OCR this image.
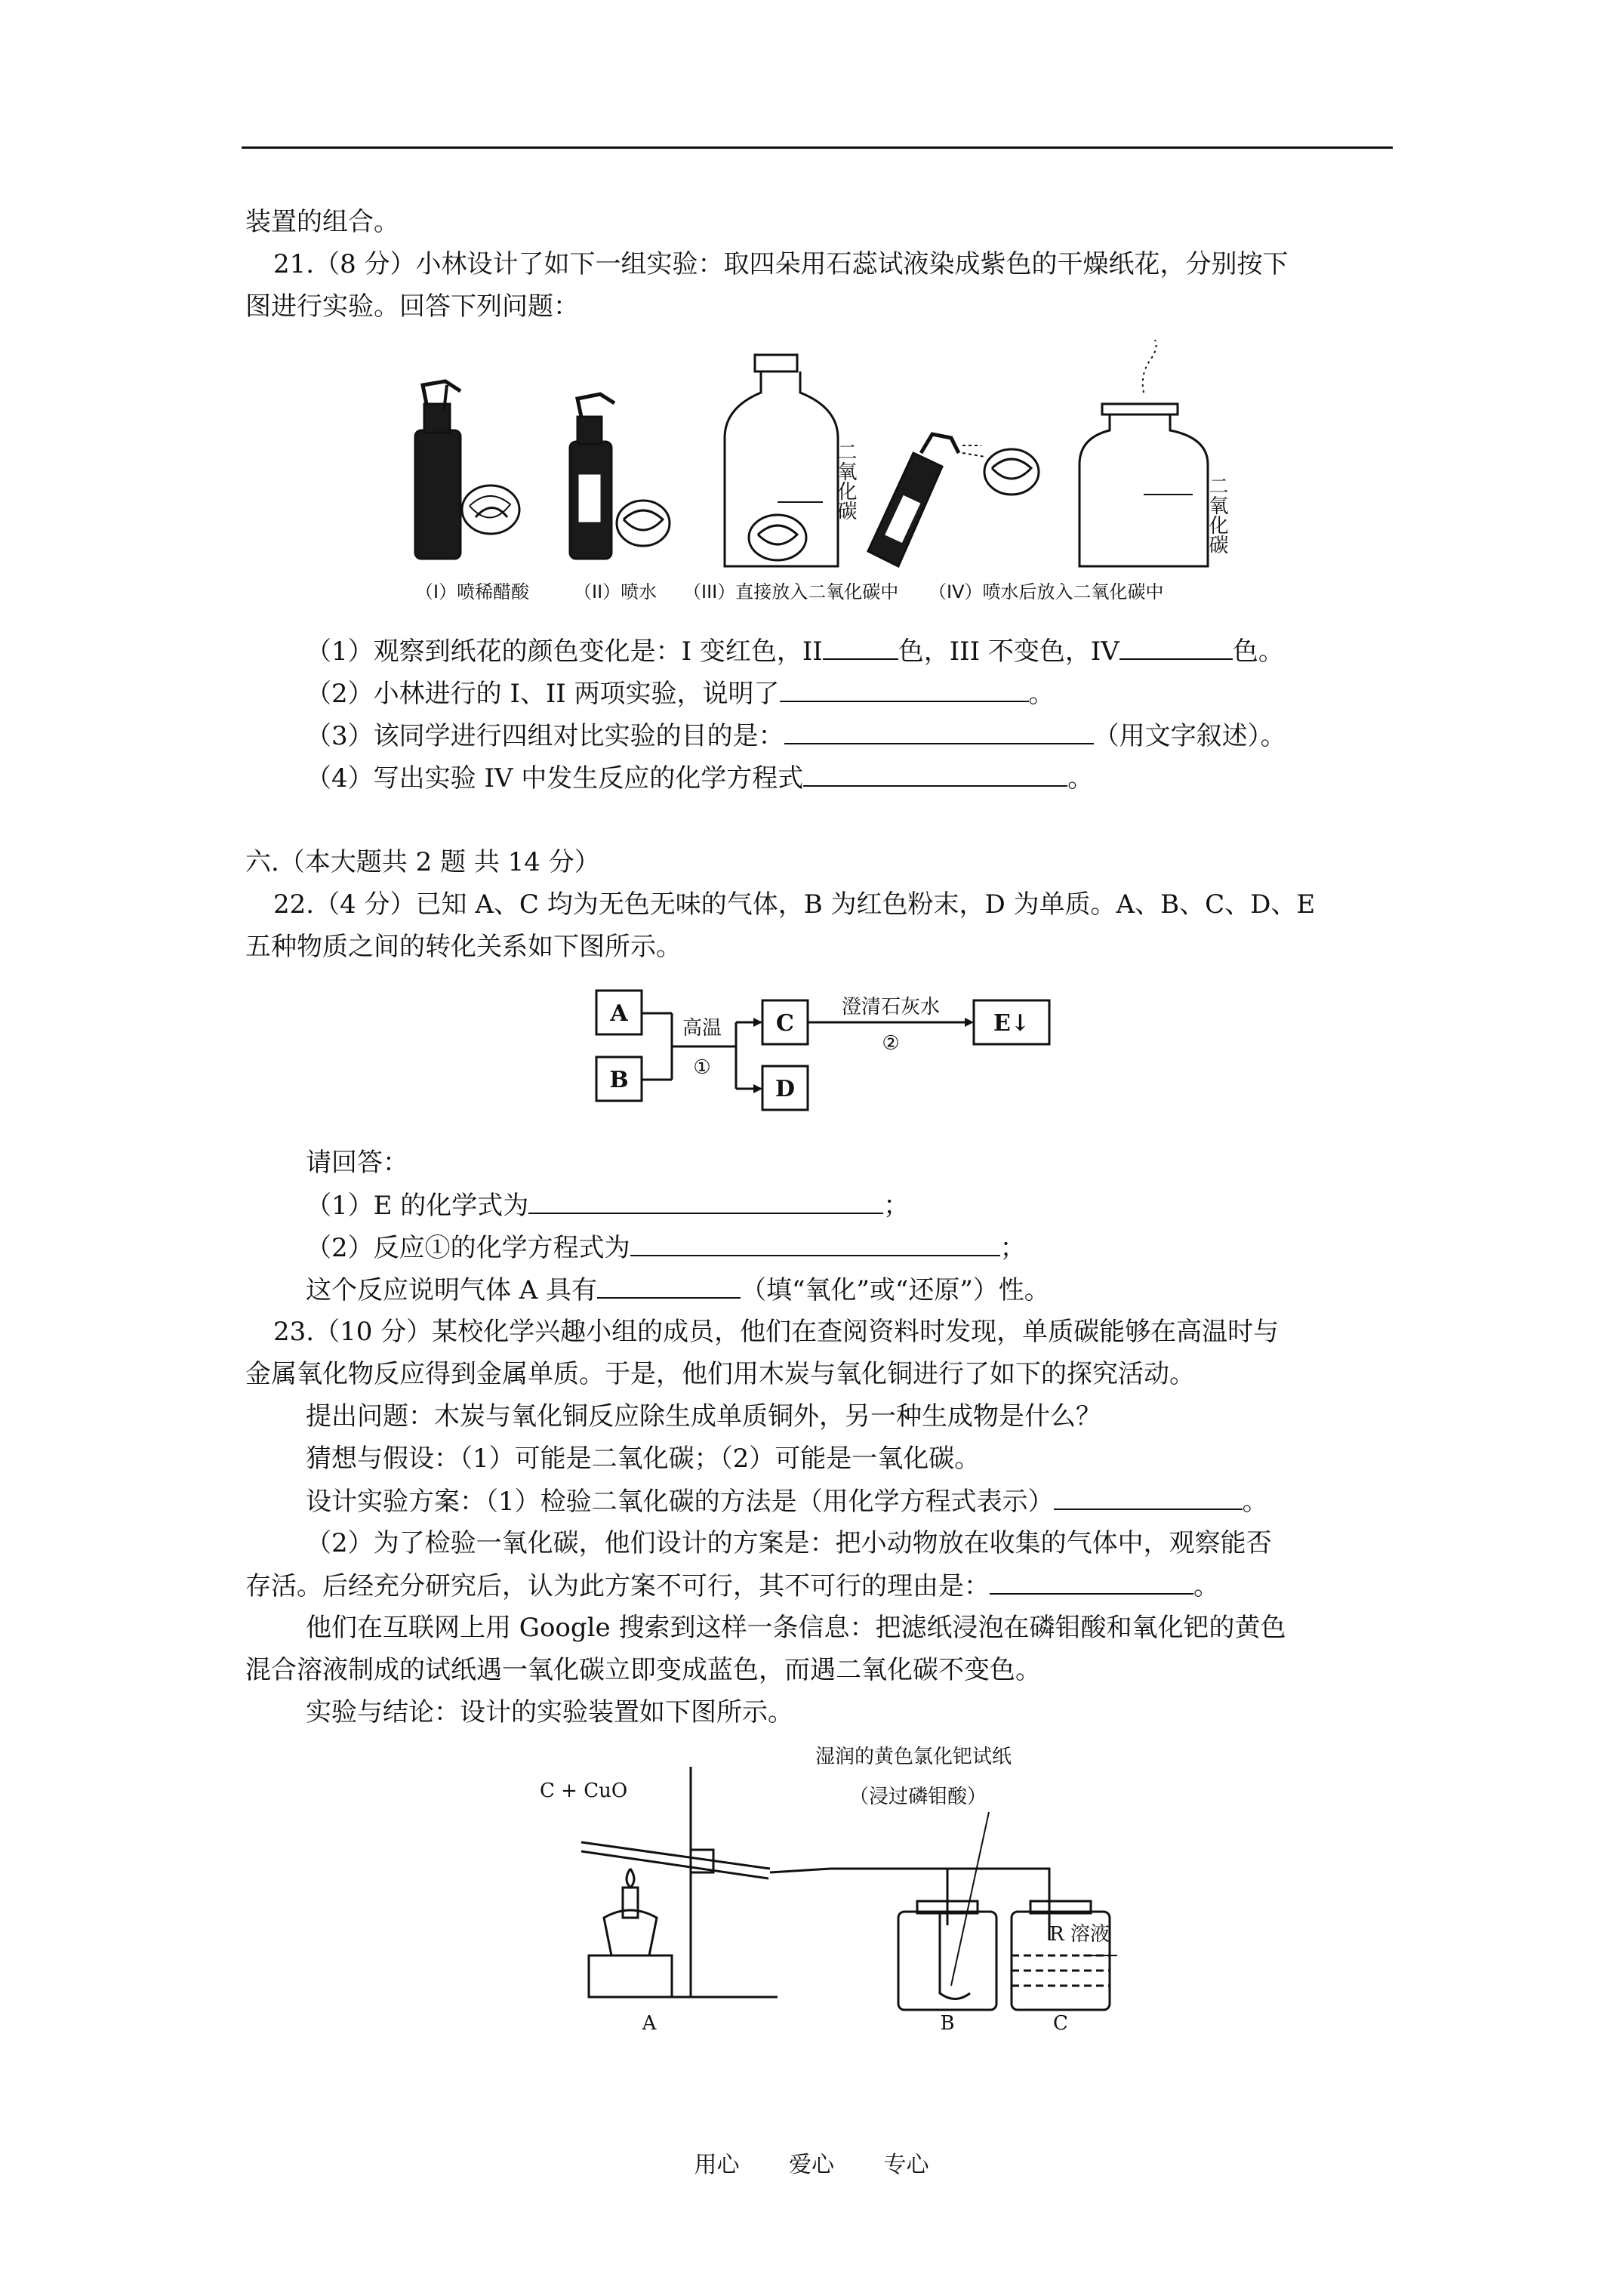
装置的组合。
21.（8 分）小林设计了如下一组实验：取四朵用石蕊试液染成紫色的干燥纸花，分别按下
图进行实验。回答下列问题：
二氧化碳	二氧化碳
（I）喷稀醋酸 （II）喷水 （III）直接放入二氧化碳中 （IV）喷水后放入二氧化碳中
（1）观察到纸花的颜色变化是：I 变红色，II	色，III 不变色，IV	色。
（2）小林进行的 I、II 两项实验，说明了	。
（3）该同学进行四组对比实验的目的是：	（用文字叙述）。
（4）写出实验 IV 中发生反应的化学方程式	。
六.（本大题共 2 题 共 14 分）
22.（4 分）已知 A、C 均为无色无味的气体，B 为红色粉末，D 为单质。A、B、C、D、E
五种物质之间的转化关系如下图所示。
A
B
C
D
E↓
高温
①
澄清石灰水
②
请回答：
（1）E 的化学式为	；
（2）反应①的化学方程式为	；
这个反应说明气体 A 具有	（填“氧化”或“还原”）性。
23.（10 分）某校化学兴趣小组的成员，他们在查阅资料时发现，单质碳能够在高温时与
金属氧化物反应得到金属单质。于是，他们用木炭与氧化铜进行了如下的探究活动。
提出问题：木炭与氧化铜反应除生成单质铜外，另一种生成物是什么？
猜想与假设：（1）可能是二氧化碳；（2）可能是一氧化碳。
设计实验方案：（1）检验二氧化碳的方法是（用化学方程式表示）	。
（2）为了检验一氧化碳，他们设计的方案是：把小动物放在收集的气体中，观察能否
存活。后经充分研究后，认为此方案不可行，其不可行的理由是：	。
他们在互联网上用 Google 搜索到这样一条信息：把滤纸浸泡在磷钼酸和氧化钯的黄色
混合溶液制成的试纸遇一氧化碳立即变成蓝色，而遇二氧化碳不变色。
实验与结论：设计的实验装置如下图所示。
C + CuO
湿润的黄色氯化钯试纸
（浸过磷钼酸）
R 溶液
A	B	C
用心 爱心 专心
